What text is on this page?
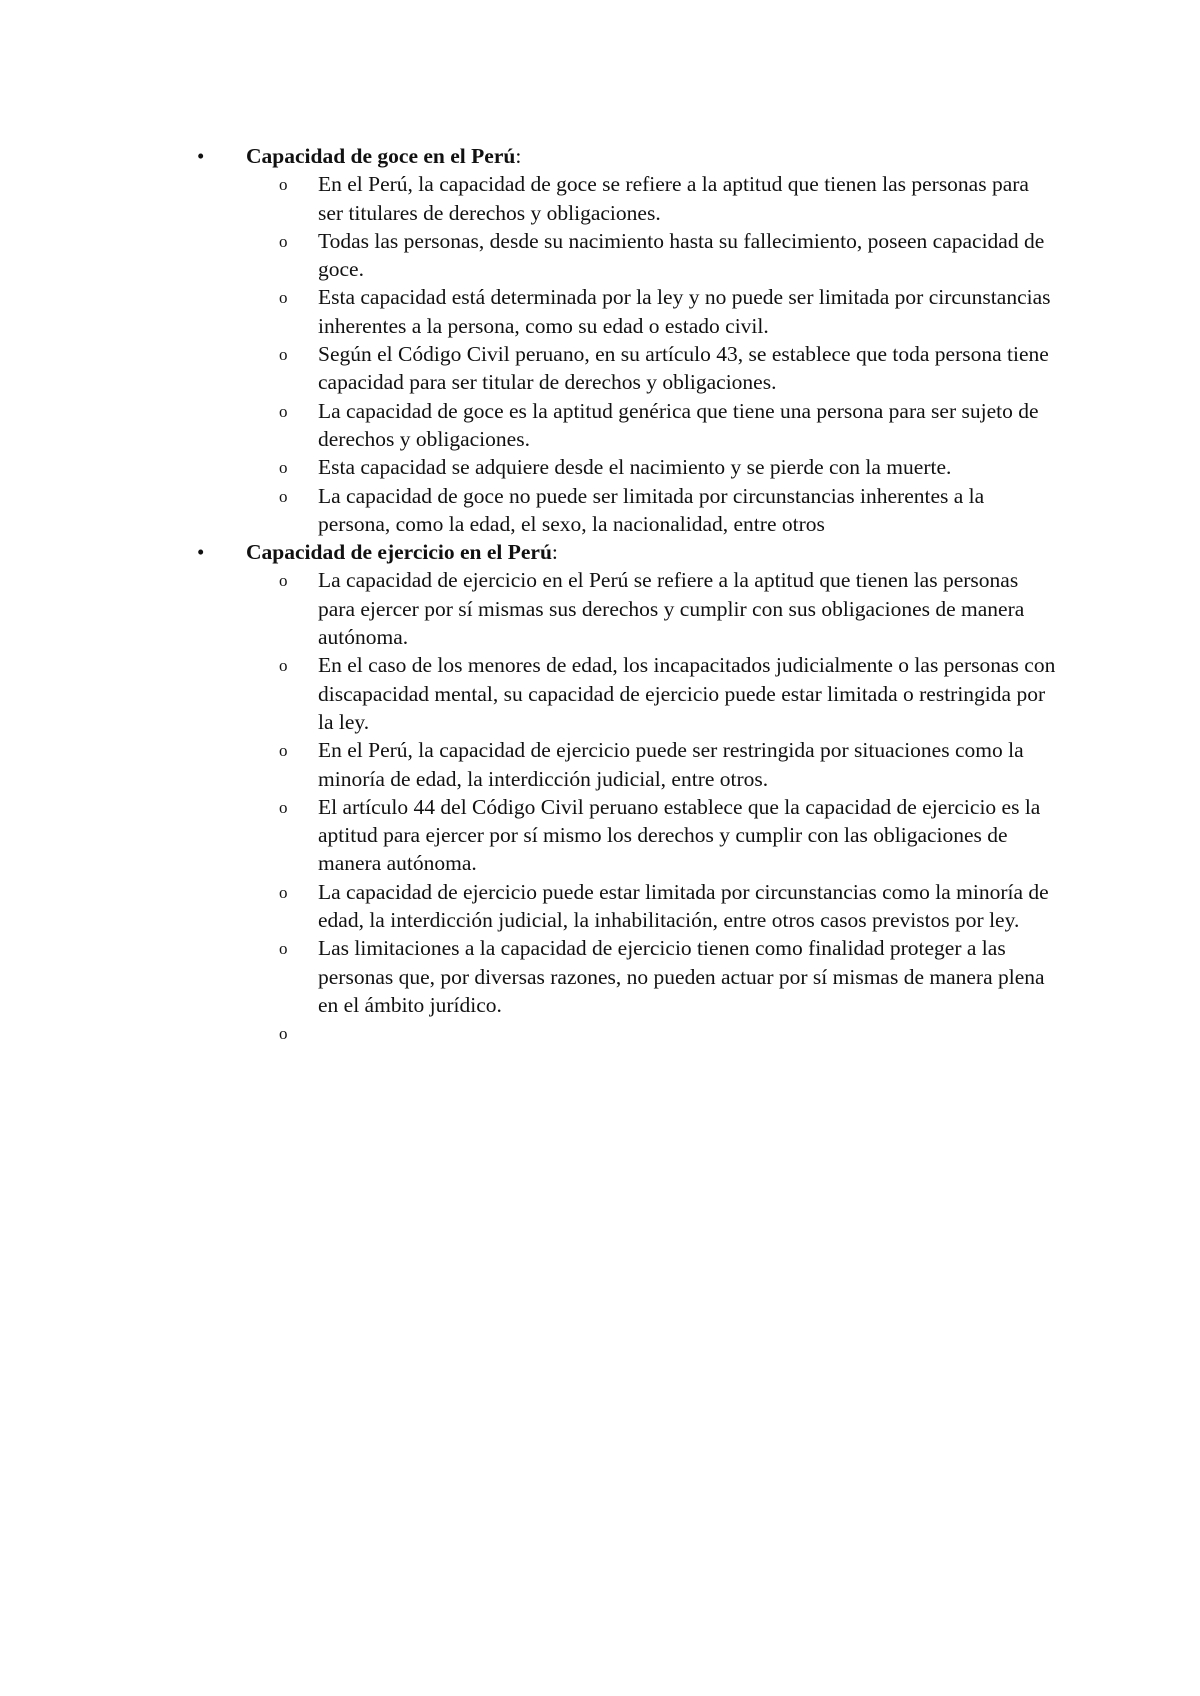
•	Capacidad de goce en el Perú:
o En el Perú, la capacidad de goce se refiere a la aptitud que tienen las personas para ser titulares de derechos y obligaciones.
o Todas las personas, desde su nacimiento hasta su fallecimiento, poseen capacidad de goce.
o Esta capacidad está determinada por la ley y no puede ser limitada por circunstancias inherentes a la persona, como su edad o estado civil.
o Según el Código Civil peruano, en su artículo 43, se establece que toda persona tiene capacidad para ser titular de derechos y obligaciones.
o La capacidad de goce es la aptitud genérica que tiene una persona para ser sujeto de derechos y obligaciones.
o Esta capacidad se adquiere desde el nacimiento y se pierde con la muerte.
o La capacidad de goce no puede ser limitada por circunstancias inherentes a la persona, como la edad, el sexo, la nacionalidad, entre otros
•	Capacidad de ejercicio en el Perú:
o La capacidad de ejercicio en el Perú se refiere a la aptitud que tienen las personas para ejercer por sí mismas sus derechos y cumplir con sus obligaciones de manera autónoma.
o En el caso de los menores de edad, los incapacitados judicialmente o las personas con discapacidad mental, su capacidad de ejercicio puede estar limitada o restringida por la ley.
o En el Perú, la capacidad de ejercicio puede ser restringida por situaciones como la minoría de edad, la interdicción judicial, entre otros.
o El artículo 44 del Código Civil peruano establece que la capacidad de ejercicio es la aptitud para ejercer por sí mismo los derechos y cumplir con las obligaciones de manera autónoma.
o La capacidad de ejercicio puede estar limitada por circunstancias como la minoría de edad, la interdicción judicial, la inhabilitación, entre otros casos previstos por ley.
o Las limitaciones a la capacidad de ejercicio tienen como finalidad proteger a las personas que, por diversas razones, no pueden actuar por sí mismas de manera plena en el ámbito jurídico.
o
